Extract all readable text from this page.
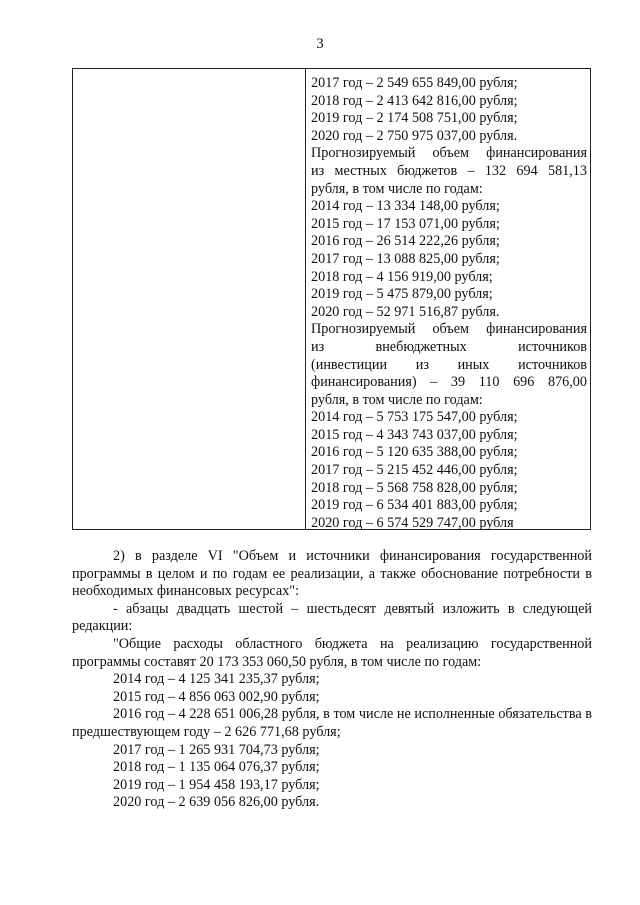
3
2017 год – 2 549 655 849,00 рубля;
2018 год – 2 413 642 816,00 рубля;
2019 год – 2 174 508 751,00 рубля;
2020 год – 2 750 975 037,00 рубля.
Прогнозируемый объем финансирования
из местных бюджетов – 132 694 581,13
рубля, в том числе по годам:
2014 год – 13 334 148,00 рубля;
2015 год – 17 153 071,00 рубля;
2016 год – 26 514 222,26 рубля;
2017 год – 13 088 825,00 рубля;
2018 год – 4 156 919,00 рубля;
2019 год – 5 475 879,00 рубля;
2020 год – 52 971 516,87 рубля.
Прогнозируемый объем финансирования
из внебюджетных источников
(инвестиции из иных источников
финансирования) – 39 110 696 876,00
рубля, в том числе по годам:
2014 год – 5 753 175 547,00 рубля;
2015 год – 4 343 743 037,00 рубля;
2016 год – 5 120 635 388,00 рубля;
2017 год – 5 215 452 446,00 рубля;
2018 год – 5 568 758 828,00 рубля;
2019 год – 6 534 401 883,00 рубля;
2020 год – 6 574 529 747,00 рубля

2) в разделе VI "Объем и источники финансирования государственной программы в целом и по годам ее реализации, а также обоснование потребности в необходимых финансовых ресурсах":

- абзацы двадцать шестой – шестьдесят девятый изложить в следующей редакции:

"Общие расходы областного бюджета на реализацию государственной программы составят 20 173 353 060,50 рубля, в том числе по годам:

2014 год – 4 125 341 235,37 рубля;

2015 год – 4 856 063 002,90 рубля;

2016 год – 4 228 651 006,28 рубля, в том числе не исполненные обязательства в предшествующем году – 2 626 771,68 рубля;

2017 год – 1 265 931 704,73 рубля;

2018 год – 1 135 064 076,37 рубля;

2019 год – 1 954 458 193,17 рубля;

2020 год – 2 639 056 826,00 рубля.
